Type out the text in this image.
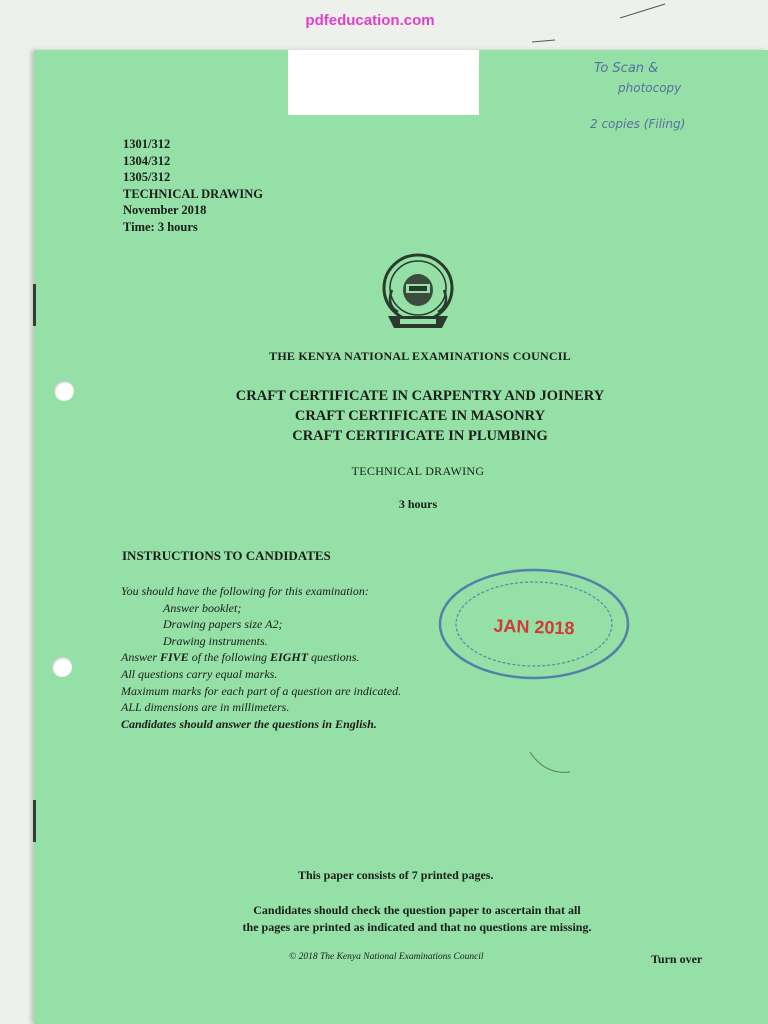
pdfeducation.com
To Scan &
photocopy
2 copies (Filing)
1301/312
1304/312
1305/312
TECHNICAL DRAWING
November 2018
Time: 3 hours
THE KENYA NATIONAL EXAMINATIONS COUNCIL
CRAFT CERTIFICATE IN CARPENTRY AND JOINERY
CRAFT CERTIFICATE IN MASONRY
CRAFT CERTIFICATE IN PLUMBING
TECHNICAL DRAWING
3 hours
INSTRUCTIONS TO CANDIDATES
You should have the following for this examination:
Answer booklet;
Drawing papers size A2;
Drawing instruments.
Answer FIVE of the following EIGHT questions.
All questions carry equal marks.
Maximum marks for each part of a question are indicated.
ALL dimensions are in millimeters.
Candidates should answer the questions in English.
JAN 2018
This paper consists of 7 printed pages.
Candidates should check the question paper to ascertain that all
the pages are printed as indicated and that no questions are missing.
© 2018 The Kenya National Examinations Council	Turn over
